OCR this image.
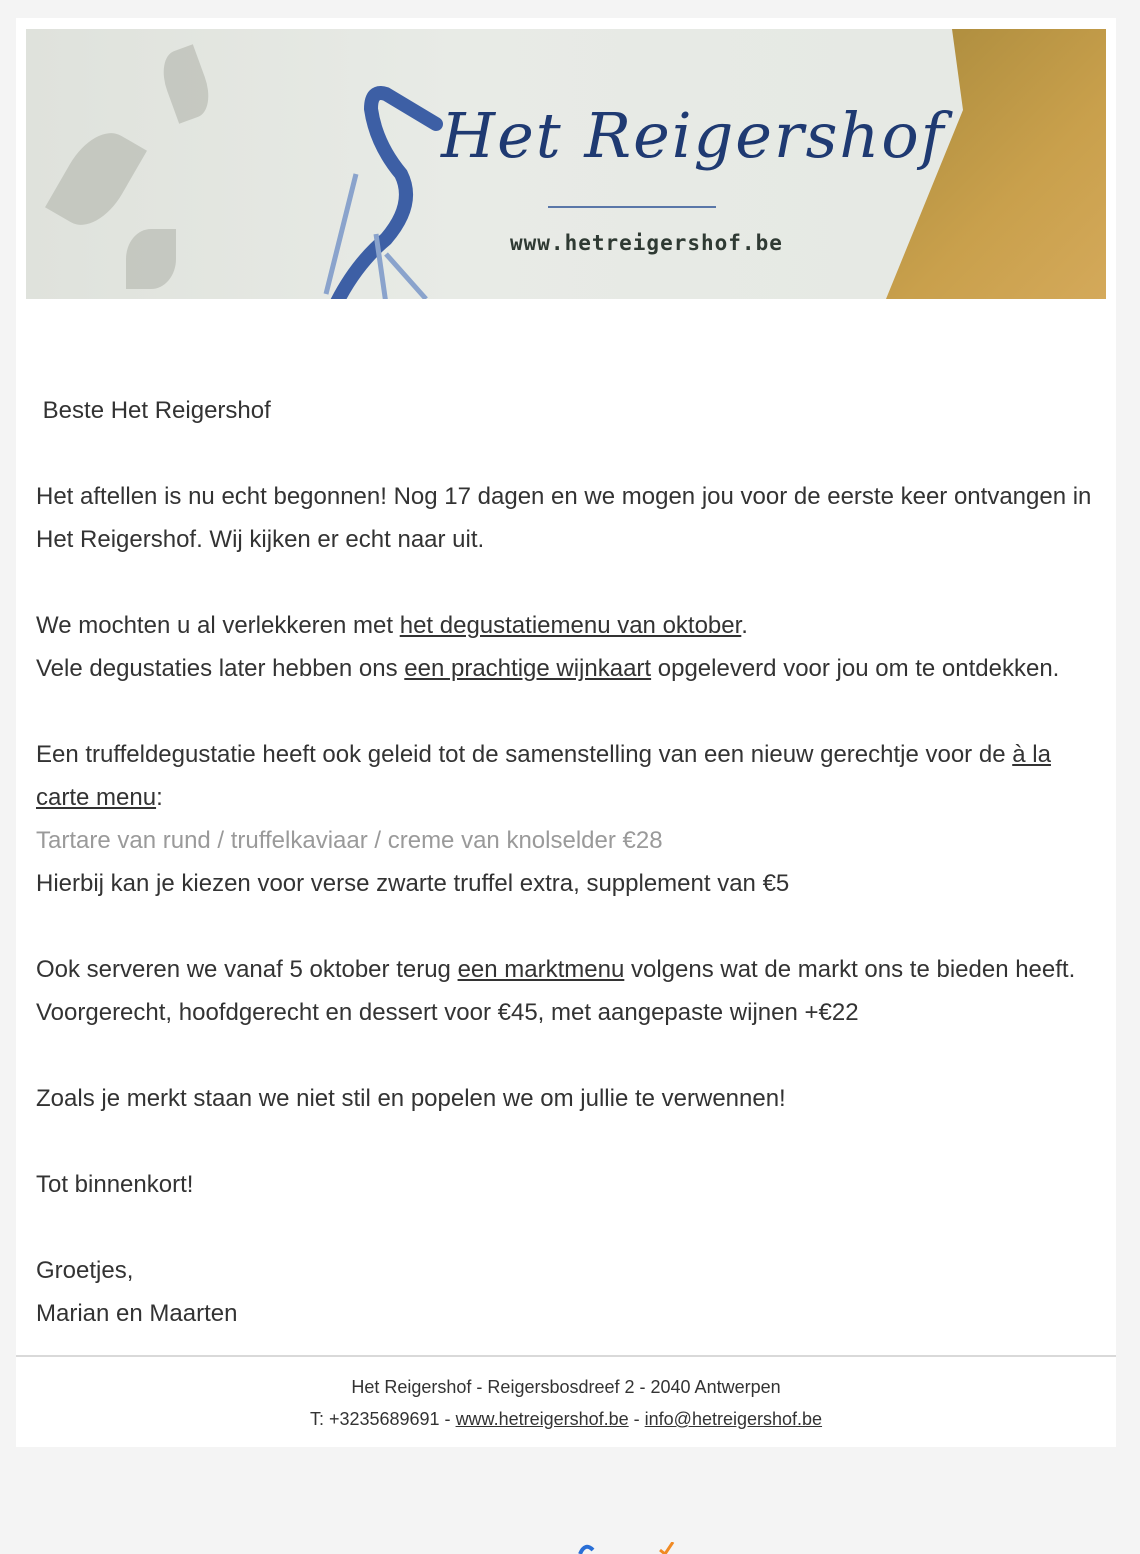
Het Reigershof
www.hetreigershof.be

Beste Het Reigershof

Het aftellen is nu echt begonnen! Nog 17 dagen en we mogen jou voor de eerste keer ontvangen in Het Reigershof. Wij kijken er echt naar uit.

We mochten u al verlekkeren met het degustatiemenu van oktober.
Vele degustaties later hebben ons een prachtige wijnkaart opgeleverd voor jou om te ontdekken.

Een truffeldegustatie heeft ook geleid tot de samenstelling van een nieuw gerechtje voor de à la carte menu:
Tartare van rund / truffelkaviaar / creme van knolselder €28
Hierbij kan je kiezen voor verse zwarte truffel extra, supplement van €5

Ook serveren we vanaf 5 oktober terug een marktmenu volgens wat de markt ons te bieden heeft. Voorgerecht, hoofdgerecht en dessert voor €45, met aangepaste wijnen +€22

Zoals je merkt staan we niet stil en popelen we om jullie te verwennen!

Tot binnenkort!

Groetjes,
Marian en Maarten

Het Reigershof - Reigersbosdreef 2 - 2040 Antwerpen
T: +3235689691 - www.hetreigershof.be - info@hetreigershof.be
